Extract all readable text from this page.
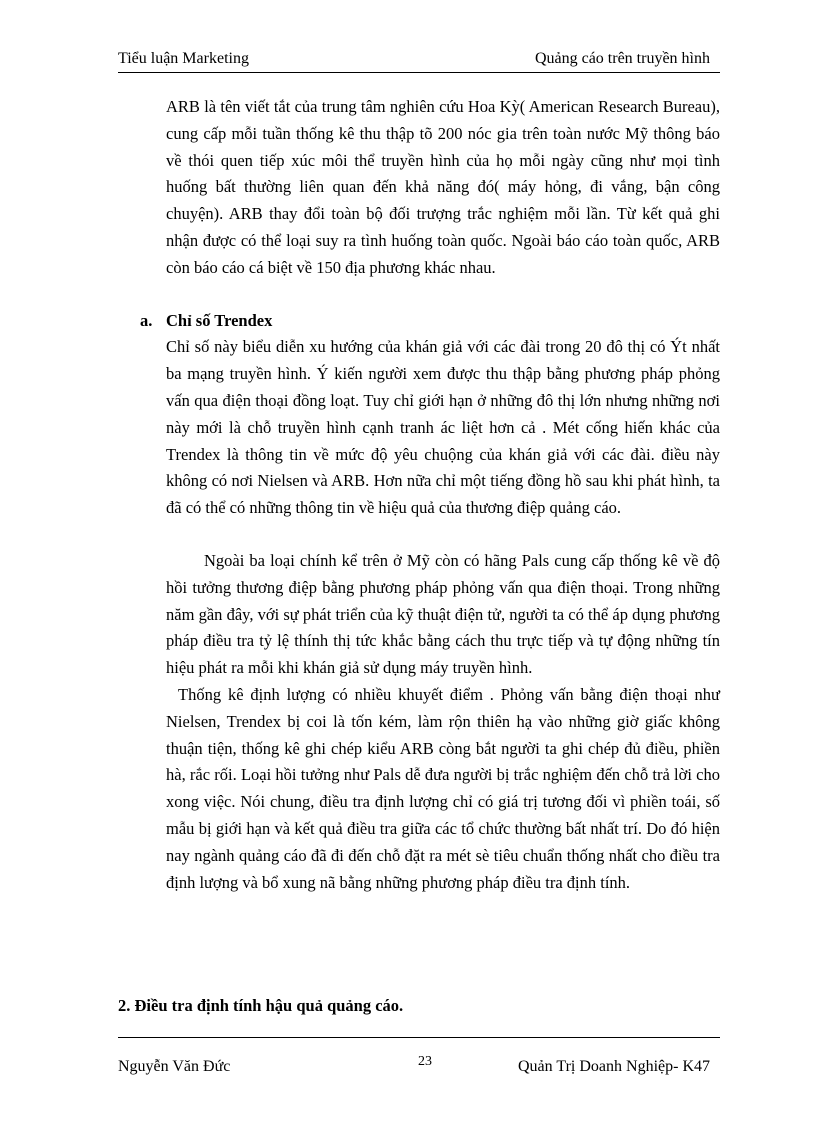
Tiểu luận Marketing	Quảng cáo trên truyền hình

ARB là tên viết tắt của trung tâm nghiên cứu Hoa Kỳ( American Research Bureau), cung cấp mỗi tuần thống kê thu thập tõ 200 nóc gia trên toàn nước Mỹ thông báo về thói quen tiếp xúc môi thể truyền hình của họ mỗi ngày cũng như mọi tình huống bất thường liên quan đến khả năng đó( máy hỏng, đi vắng, bận công chuyện). ARB thay đổi toàn bộ đối trượng trắc nghiệm mỗi lần. Từ kết quả ghi nhận được có thể loại suy ra tình huống toàn quốc. Ngoài báo cáo toàn quốc, ARB còn báo cáo cá biệt về 150 địa phương khác nhau.

a. Chỉ số Trendex

Chỉ số này biểu diễn xu hướng của khán giả với các đài trong 20 đô thị có Ýt nhất ba mạng truyền hình. Ý kiến người xem được thu thập bằng phương pháp phỏng vấn qua điện thoại đồng loạt. Tuy chỉ giới hạn ở những đô thị lớn nhưng những nơi này mới là chỗ truyền hình cạnh tranh ác liệt hơn cả . Mét cống hiến khác của Trendex là thông tin về mức độ yêu chuộng của khán giả với các đài. điều này không có nơi Nielsen và ARB. Hơn nữa chỉ một tiếng đồng hồ sau khi phát hình, ta đã có thể có những thông tin về hiệu quả của thương điệp quảng cáo.

Ngoài ba loại chính kể trên ở Mỹ còn có hãng Pals cung cấp thống kê về độ hồi tưởng thương điệp bằng phương pháp phỏng vấn qua điện thoại. Trong những năm gần đây, với sự phát triển của kỹ thuật điện tử, người ta có thể áp dụng phương pháp điều tra tỷ lệ thính thị tức khắc bằng cách thu trực tiếp và tự động những tín hiệu phát ra mỗi khi khán giả sử dụng máy truyền hình.

Thống kê định lượng có nhiều khuyết điểm . Phỏng vấn bằng điện thoại như Nielsen, Trendex bị coi là tốn kém, làm rộn thiên hạ vào những giờ giấc không thuận tiện, thống kê ghi chép kiểu ARB còng bắt người ta ghi chép đủ điều, phiền hà, rắc rối. Loại hồi tưởng như Pals dễ đưa người bị trắc nghiệm đến chỗ trả lời cho xong việc. Nói chung, điều tra định lượng chỉ có giá trị tương đối vì phiền toái, số mẫu bị giới hạn và kết quả điều tra giữa các tổ chức thường bất nhất trí. Do đó hiện nay ngành quảng cáo đã đi đến chỗ đặt ra mét sè tiêu chuẩn thống nhất cho điều tra định lượng và bổ xung nã bằng những phương pháp điều tra định tính.

2. Điều tra định tính hậu quả quảng cáo.
Nguyễn Văn Đức	23	Quản Trị Doanh Nghiệp- K47
